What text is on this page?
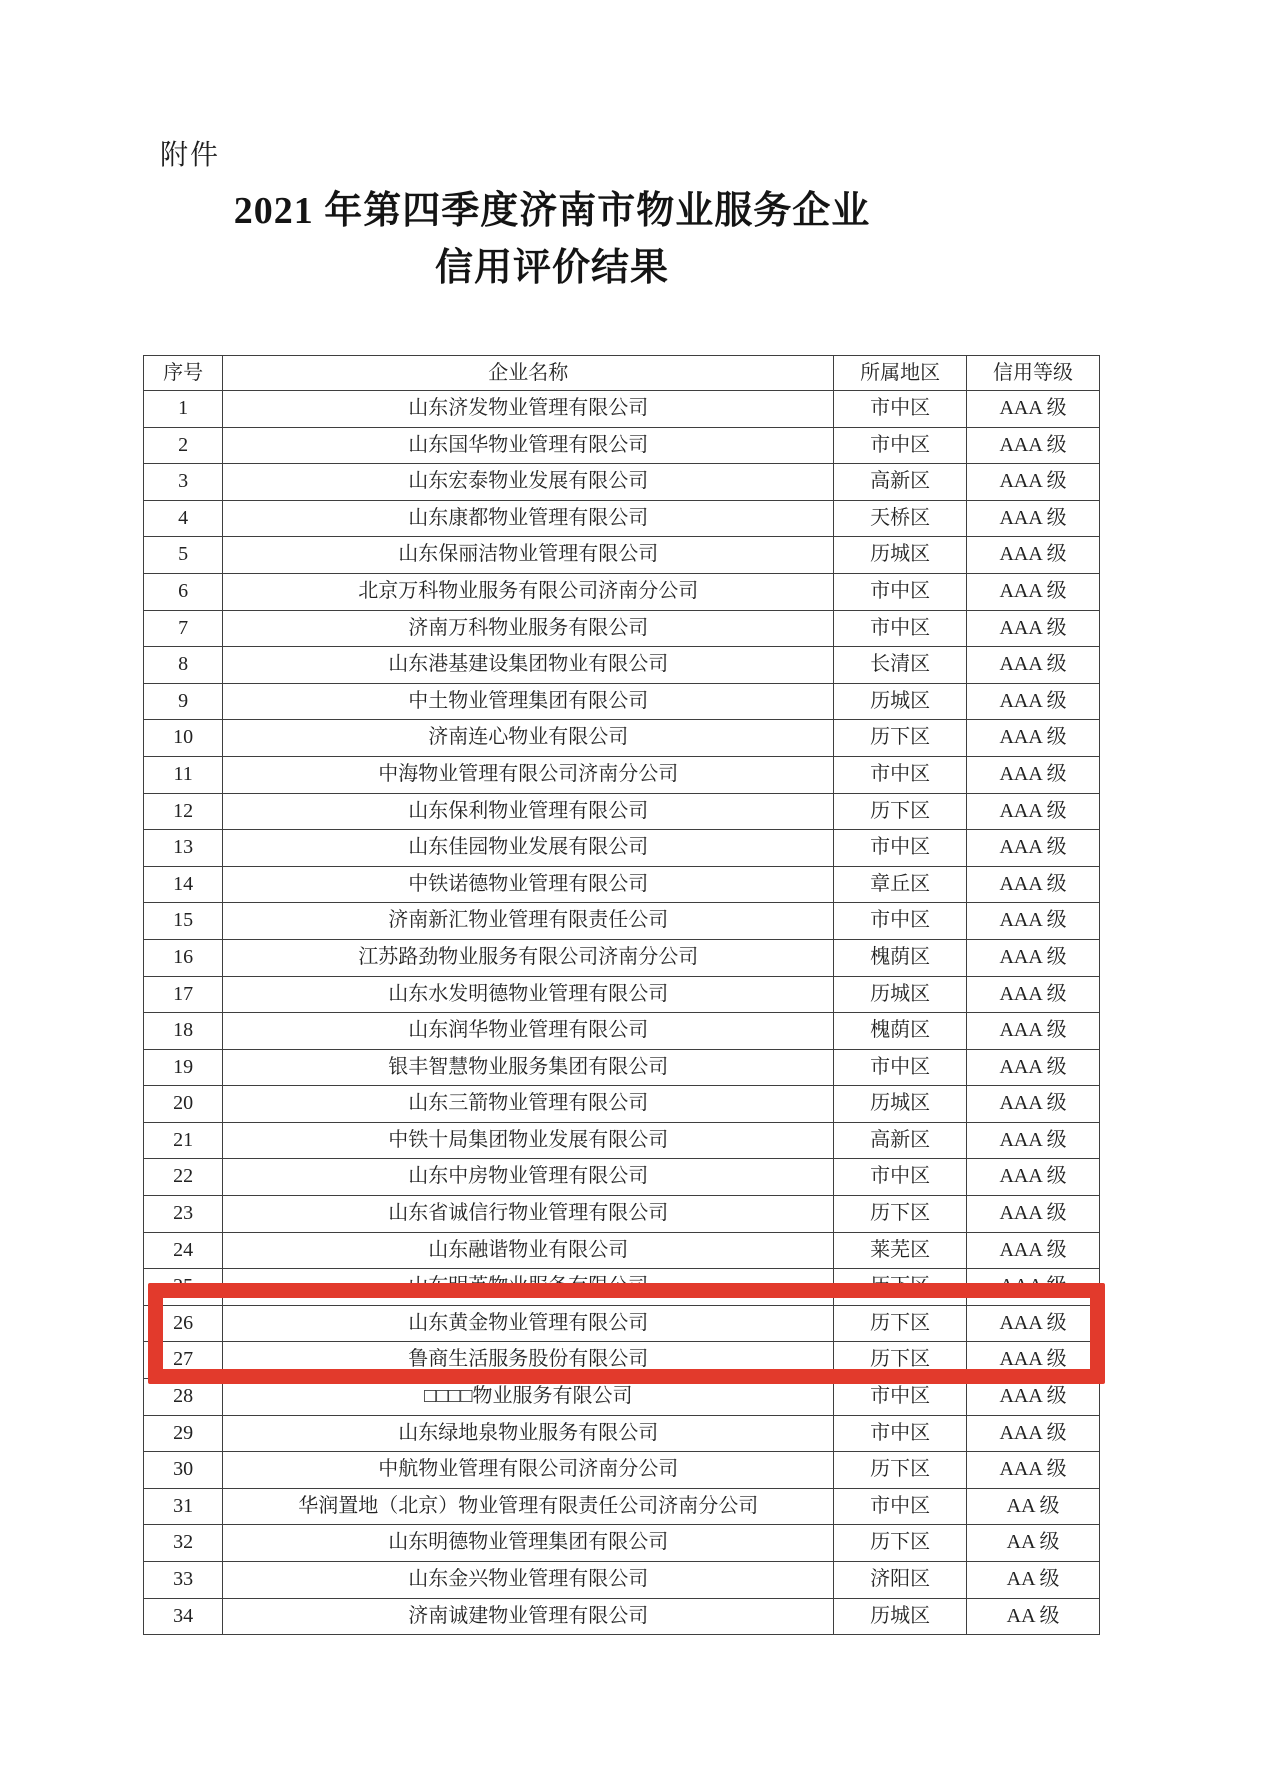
附件
2021 年第四季度济南市物业服务企业
信用评价结果
序号	企业名称	所属地区	信用等级
1	山东济发物业管理有限公司	市中区	AAA 级
2	山东国华物业管理有限公司	市中区	AAA 级
3	山东宏泰物业发展有限公司	高新区	AAA 级
4	山东康都物业管理有限公司	天桥区	AAA 级
5	山东保丽洁物业管理有限公司	历城区	AAA 级
6	北京万科物业服务有限公司济南分公司	市中区	AAA 级
7	济南万科物业服务有限公司	市中区	AAA 级
8	山东港基建设集团物业有限公司	长清区	AAA 级
9	中土物业管理集团有限公司	历城区	AAA 级
10	济南连心物业有限公司	历下区	AAA 级
11	中海物业管理有限公司济南分公司	市中区	AAA 级
12	山东保利物业管理有限公司	历下区	AAA 级
13	山东佳园物业发展有限公司	市中区	AAA 级
14	中铁诺德物业管理有限公司	章丘区	AAA 级
15	济南新汇物业管理有限责任公司	市中区	AAA 级
16	江苏路劲物业服务有限公司济南分公司	槐荫区	AAA 级
17	山东水发明德物业管理有限公司	历城区	AAA 级
18	山东润华物业管理有限公司	槐荫区	AAA 级
19	银丰智慧物业服务集团有限公司	市中区	AAA 级
20	山东三箭物业管理有限公司	历城区	AAA 级
21	中铁十局集团物业发展有限公司	高新区	AAA 级
22	山东中房物业管理有限公司	市中区	AAA 级
23	山东省诚信行物业管理有限公司	历下区	AAA 级
24	山东融谐物业有限公司	莱芜区	AAA 级
25	山东明英物业服务有限公司	历下区	AAA 级
26	山东黄金物业管理有限公司	历下区	AAA 级
27	鲁商生活服务股份有限公司	历下区	AAA 级
28	□□□□物业服务有限公司	市中区	AAA 级
29	山东绿地泉物业服务有限公司	市中区	AAA 级
30	中航物业管理有限公司济南分公司	历下区	AAA 级
31	华润置地（北京）物业管理有限责任公司济南分公司	市中区	AA 级
32	山东明德物业管理集团有限公司	历下区	AA 级
33	山东金兴物业管理有限公司	济阳区	AA 级
34	济南诚建物业管理有限公司	历城区	AA 级
